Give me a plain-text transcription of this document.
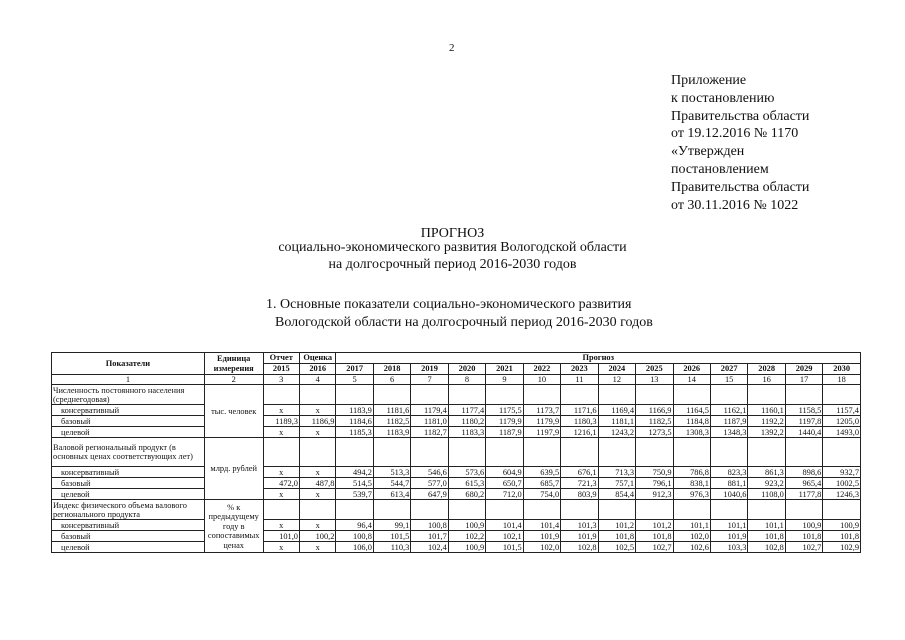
2
Приложение
к постановлению
Правительства области
от 19.12.2016 № 1170
«Утвержден
постановлением
Правительства области
от 30.11.2016 № 1022
ПРОГНОЗ
социально-экономического развития Вологодской области
на долгосрочный период 2016-2030 годов
1. Основные показатели социально-экономического развития
Вологодской области на долгосрочный период 2016-2030 годов
Показатели	Единица измерения	Отчет	Оценка	Прогноз													
		2015	2016	2017	2018	2019	2020	2021	2022	2023	2024	2025	2026	2027	2028	2029	2030
1	2	3	4	5	6	7	8	9	10	11	12	13	14	15	16	17	18
Численность постоянного населения (среднегодовая)	тыс. человек																
консервативный		x	x	1183,9	1181,6	1179,4	1177,4	1175,5	1173,7	1171,6	1169,4	1166,9	1164,5	1162,1	1160,1	1158,5	1157,4
базовый		1189,3	1186,9	1184,6	1182,5	1181,0	1180,2	1179,9	1179,9	1180,3	1181,1	1182,5	1184,8	1187,9	1192,2	1197,8	1205,0
целевой		x	x	1185,3	1183,9	1182,7	1183,3	1187,9	1197,9	1216,1	1243,2	1273,5	1308,3	1348,3	1392,2	1440,4	1493,0
Валовой региональный продукт (в основных ценах соответствующих лет)	млрд. рублей																
консервативный		x	x	494,2	513,3	546,6	573,6	604,9	639,5	676,1	713,3	750,9	786,8	823,3	861,3	898,6	932,7
базовый		472,0	487,8	514,5	544,7	577,0	615,3	650,7	685,7	721,3	757,1	796,1	838,1	881,1	923,2	965,4	1002,5
целевой		x	x	539,7	613,4	647,9	680,2	712,0	754,0	803,9	854,4	912,3	976,3	1040,6	1108,0	1177,8	1246,3
Индекс физического объема валового регионального продукта	% к предыдущему году в сопоставимых ценах																
консервативный		x	x	96,4	99,1	100,8	100,9	101,4	101,4	101,3	101,2	101,2	101,1	101,1	101,1	100,9	100,9
базовый		101,0	100,2	100,8	101,5	101,7	102,2	102,1	101,9	101,9	101,8	101,8	102,0	101,9	101,8	101,8	101,8
целевой		x	x	106,0	110,3	102,4	100,9	101,5	102,0	102,8	102,5	102,7	102,6	103,3	102,8	102,7	102,9
